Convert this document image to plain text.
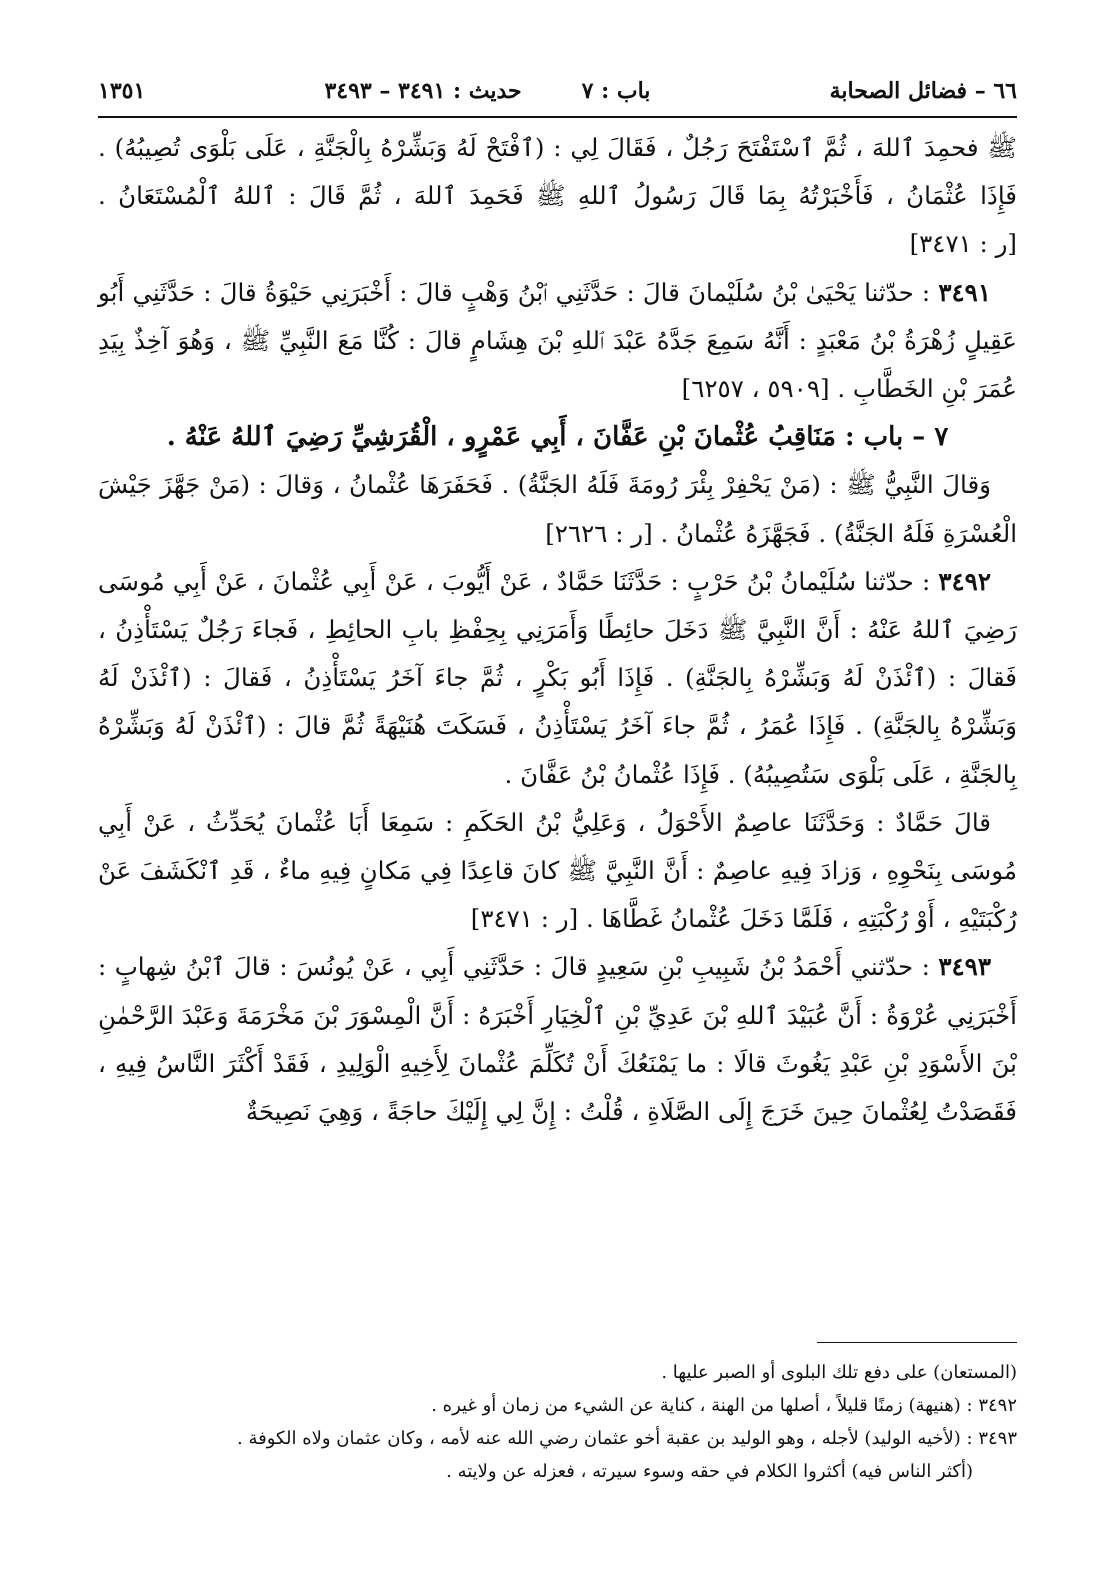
٦٦ – فضائل الصحابة
باب : ٧
حديث : ٣٤٩١ – ٣٤٩٣
١٣٥١

ﷺ فحمِدَ ٱللهَ ، ثُمَّ ٱسْتَفْتَحَ رَجُلٌ ، فَقَالَ لِي : (ٱفْتَحْ لَهُ وَبَشِّرْهُ بِالْجَنَّةِ ، عَلَى بَلْوَى تُصِيبُهُ) . فَإِذَا عُثْمَانُ ، فَأَخْبَرْتُهُ بِمَا قَالَ رَسُولُ ٱللهِ ﷺ فَحَمِدَ ٱللهَ ، ثُمَّ قَالَ : ٱللهُ ٱلْمُسْتَعَانُ . [ر : ٣٤٧١]

٣٤٩١ : حدّثنا يَحْيَىٰ بْنُ سُلَيْمانَ قالَ : حَدَّثَنِي ٱبْنُ وَهْبٍ قالَ : أَخْبَرَنِي حَيْوَةُ قالَ : حَدَّثَنِي أَبُو عَقِيلٍ زُهْرَةُ بْنُ مَعْبَدٍ : أَنَّهُ سَمِعَ جَدَّهُ عَبْدَ ٱللهِ بْنَ هِشَامٍ قالَ : كُنَّا مَعَ النَّبِيِّ ﷺ ، وَهُوَ آخِذٌ بِيَدِ عُمَرَ بْنِ الخَطَّابِ . [٥٩٠٩ ، ٦٢٥٧]

٧ – باب : مَنَاقِبُ عُثْمانَ بْنِ عَفَّانَ ، أَبِي عَمْرٍو ، الْقُرَشِيِّ رَضِيَ ٱللهُ عَنْهُ .

وَقالَ النَّبِيُّ ﷺ : (مَنْ يَحْفِرْ بِئْرَ رُومَةَ فَلَهُ الجَنَّةُ) . فَحَفَرَهَا عُثْمانُ ، وَقالَ : (مَنْ جَهَّزَ جَيْشَ الْعُسْرَةِ فَلَهُ الجَنَّةُ) . فَجَهَّزَهُ عُثْمانُ . [ر : ٢٦٢٦]

٣٤٩٢ : حدّثنا سُلَيْمانُ بْنُ حَرْبٍ : حَدَّثَنَا حَمَّادٌ ، عَنْ أَيُّوبَ ، عَنْ أَبِي عُثْمانَ ، عَنْ أَبِي مُوسَى رَضِيَ ٱللهُ عَنْهُ : أَنَّ النَّبِيَّ ﷺ دَخَلَ حائِطًا وَأَمَرَنِي بِحِفْظِ بابِ الحائِطِ ، فَجاءَ رَجُلٌ يَسْتَأْذِنُ ، فَقالَ : (ٱئْذَنْ لَهُ وَبَشِّرْهُ بِالجَنَّةِ) . فَإِذَا أَبُو بَكْرٍ ، ثُمَّ جاءَ آخَرُ يَسْتَأْذِنُ ، فَقالَ : (ٱئْذَنْ لَهُ وَبَشِّرْهُ بِالجَنَّةِ) . فَإِذَا عُمَرُ ، ثُمَّ جاءَ آخَرُ يَسْتَأْذِنُ ، فَسَكَتَ هُنَيْهَةً ثُمَّ قالَ : (ٱئْذَنْ لَهُ وَبَشِّرْهُ بِالجَنَّةِ ، عَلَى بَلْوَى سَتُصِيبُهُ) . فَإِذَا عُثْمانُ بْنُ عَفَّانَ .

قالَ حَمَّادٌ : وَحَدَّثَنَا عاصِمٌ الأَحْوَلُ ، وَعَلِيُّ بْنُ الحَكَمِ : سَمِعَا أَبَا عُثْمانَ يُحَدِّثُ ، عَنْ أَبِي مُوسَى بِنَحْوِهِ ، وَزادَ فِيهِ عاصِمٌ : أَنَّ النَّبِيَّ ﷺ كانَ قاعِدًا فِي مَكانٍ فِيهِ ماءٌ ، قَدِ ٱنْكَشَفَ عَنْ رُكْبَتَيْهِ ، أَوْ رُكْبَتِهِ ، فَلَمَّا دَخَلَ عُثْمانُ غَطَّاهَا . [ر : ٣٤٧١]

٣٤٩٣ : حدّثني أَحْمَدُ بْنُ شَبِيبِ بْنِ سَعِيدٍ قالَ : حَدَّثَنِي أَبِي ، عَنْ يُونُسَ : قالَ ٱبْنُ شِهابٍ : أَخْبَرَنِي عُرْوَةُ : أَنَّ عُبَيْدَ ٱللهِ بْنَ عَدِيِّ بْنِ ٱلْخِيَارِ أَخْبَرَهُ : أَنَّ الْمِسْوَرَ بْنَ مَخْرَمَةَ وَعَبْدَ الرَّحْمٰنِ بْنَ الأَسْوَدِ بْنِ عَبْدِ يَغُوثَ قالَا : ما يَمْنَعُكَ أَنْ تُكَلِّمَ عُثْمانَ لِأَخِيهِ الْوَلِيدِ ، فَقَدْ أَكْثَرَ النَّاسُ فِيهِ ، فَقَصَدْتُ لِعُثْمانَ حِينَ خَرَجَ إِلَى الصَّلَاةِ ، قُلْتُ : إِنَّ لِي إِلَيْكَ حاجَةً ، وَهِيَ نَصِيحَةٌ

(المستعان) على دفع تلك البلوى أو الصبر عليها .

٣٤٩٢ : (هنيهة) زمنًا قليلاً ، أصلها من الهنة ، كناية عن الشيء من زمان أو غيره .

٣٤٩٣ : (لأخيه الوليد) لأجله ، وهو الوليد بن عقبة أخو عثمان رضي الله عنه لأمه ، وكان عثمان ولاه الكوفة .

(أكثر الناس فيه) أكثروا الكلام في حقه وسوء سيرته ، فعزله عن ولايته .
